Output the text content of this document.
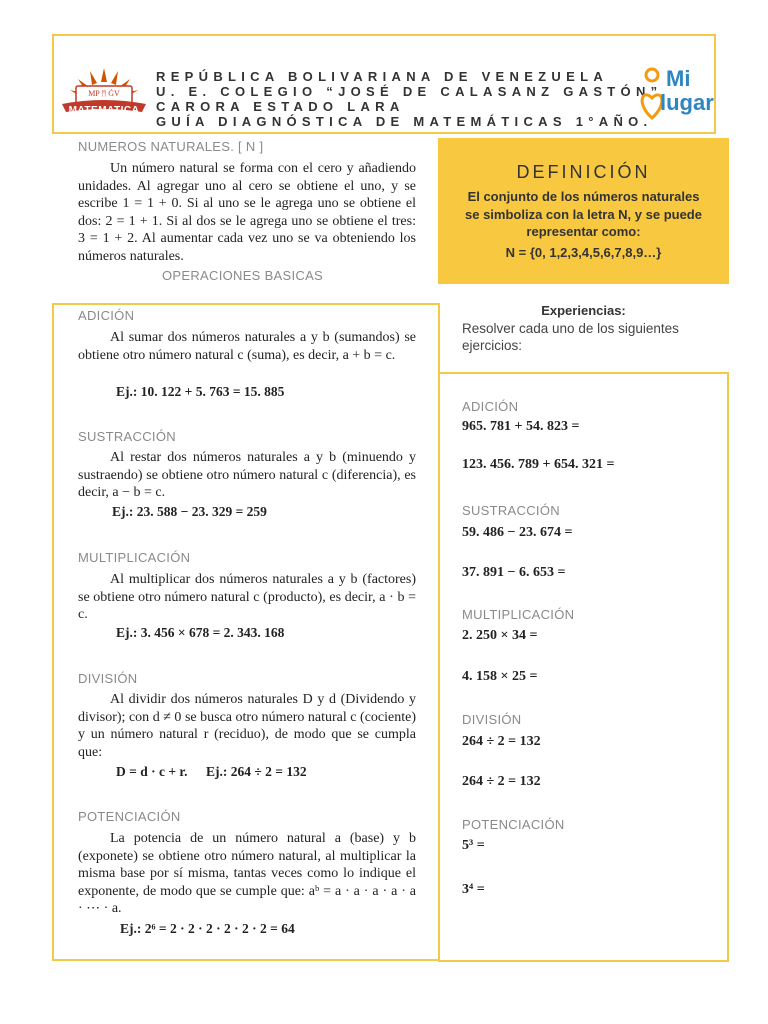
MP ᛗ ĠV
MATEMATICA
REPÚBLICA BOLIVARIANA DE VENEZUELA
U. E. COLEGIO “JOSÉ DE CALASANZ GASTÓN”
CARORA ESTADO LARA
GUÍA DIAGNÓSTICA DE MATEMÁTICAS 1°AÑO.
Mi
lugar
NUMEROS NATURALES. [ N ]
Un número natural se forma con el cero y añadiendo unidades. Al agregar uno al cero se obtiene el uno, y se escribe 1 = 1 + 0. Si al uno se le agrega uno se obtiene el dos: 2 = 1 + 1. Si al dos se le agrega uno se obtiene el tres: 3 = 1 + 2. Al aumentar cada vez uno se va obteniendo los números naturales.
OPERACIONES BASICAS
DEFINICIÓN
El conjunto de los números naturales se simboliza con la letra N, y se puede representar como:
N = {0, 1,2,3,4,5,6,7,8,9…}
Experiencias:
Resolver cada uno de los siguientes ejercicios:
ADICIÓN
Al sumar dos números naturales a y b (sumandos) se obtiene otro número natural c (suma), es decir, a + b = c.
Ej.: 10. 122 + 5. 763 = 15. 885
SUSTRACCIÓN
Al restar dos números naturales a y b (minuendo y sustraendo) se obtiene otro número natural c (diferencia), es decir, a − b = c.
Ej.: 23. 588 − 23. 329 = 259
MULTIPLICACIÓN
Al multiplicar dos números naturales a y b (factores) se obtiene otro número natural c (producto), es decir, a · b = c.
Ej.: 3. 456 × 678 = 2. 343. 168
DIVISIÓN
Al dividir dos números naturales D y d (Dividendo y divisor); con d ≠ 0 se busca otro número natural c (cociente) y un número natural r (reciduo), de modo que se cumpla que:
D = d · c + r. Ej.: 264 ÷ 2 = 132
POTENCIACIÓN
La potencia de un número natural a (base) y b (exponete) se obtiene otro número natural, al multiplicar la misma base por sí misma, tantas veces como lo indique el exponente, de modo que se cumple que: aᵇ = a · a · a · a · a · ⋯ · a.
Ej.: 2⁶ = 2 · 2 · 2 · 2 · 2 · 2 = 64
ADICIÓN
965. 781 + 54. 823 =
123. 456. 789 + 654. 321 =
SUSTRACCIÓN
59. 486 − 23. 674 =
37. 891 − 6. 653 =
MULTIPLICACIÓN
2. 250 × 34 =
4. 158 × 25 =
DIVISIÓN
264 ÷ 2 = 132
264 ÷ 2 = 132
POTENCIACIÓN
5³ =
3⁴ =
